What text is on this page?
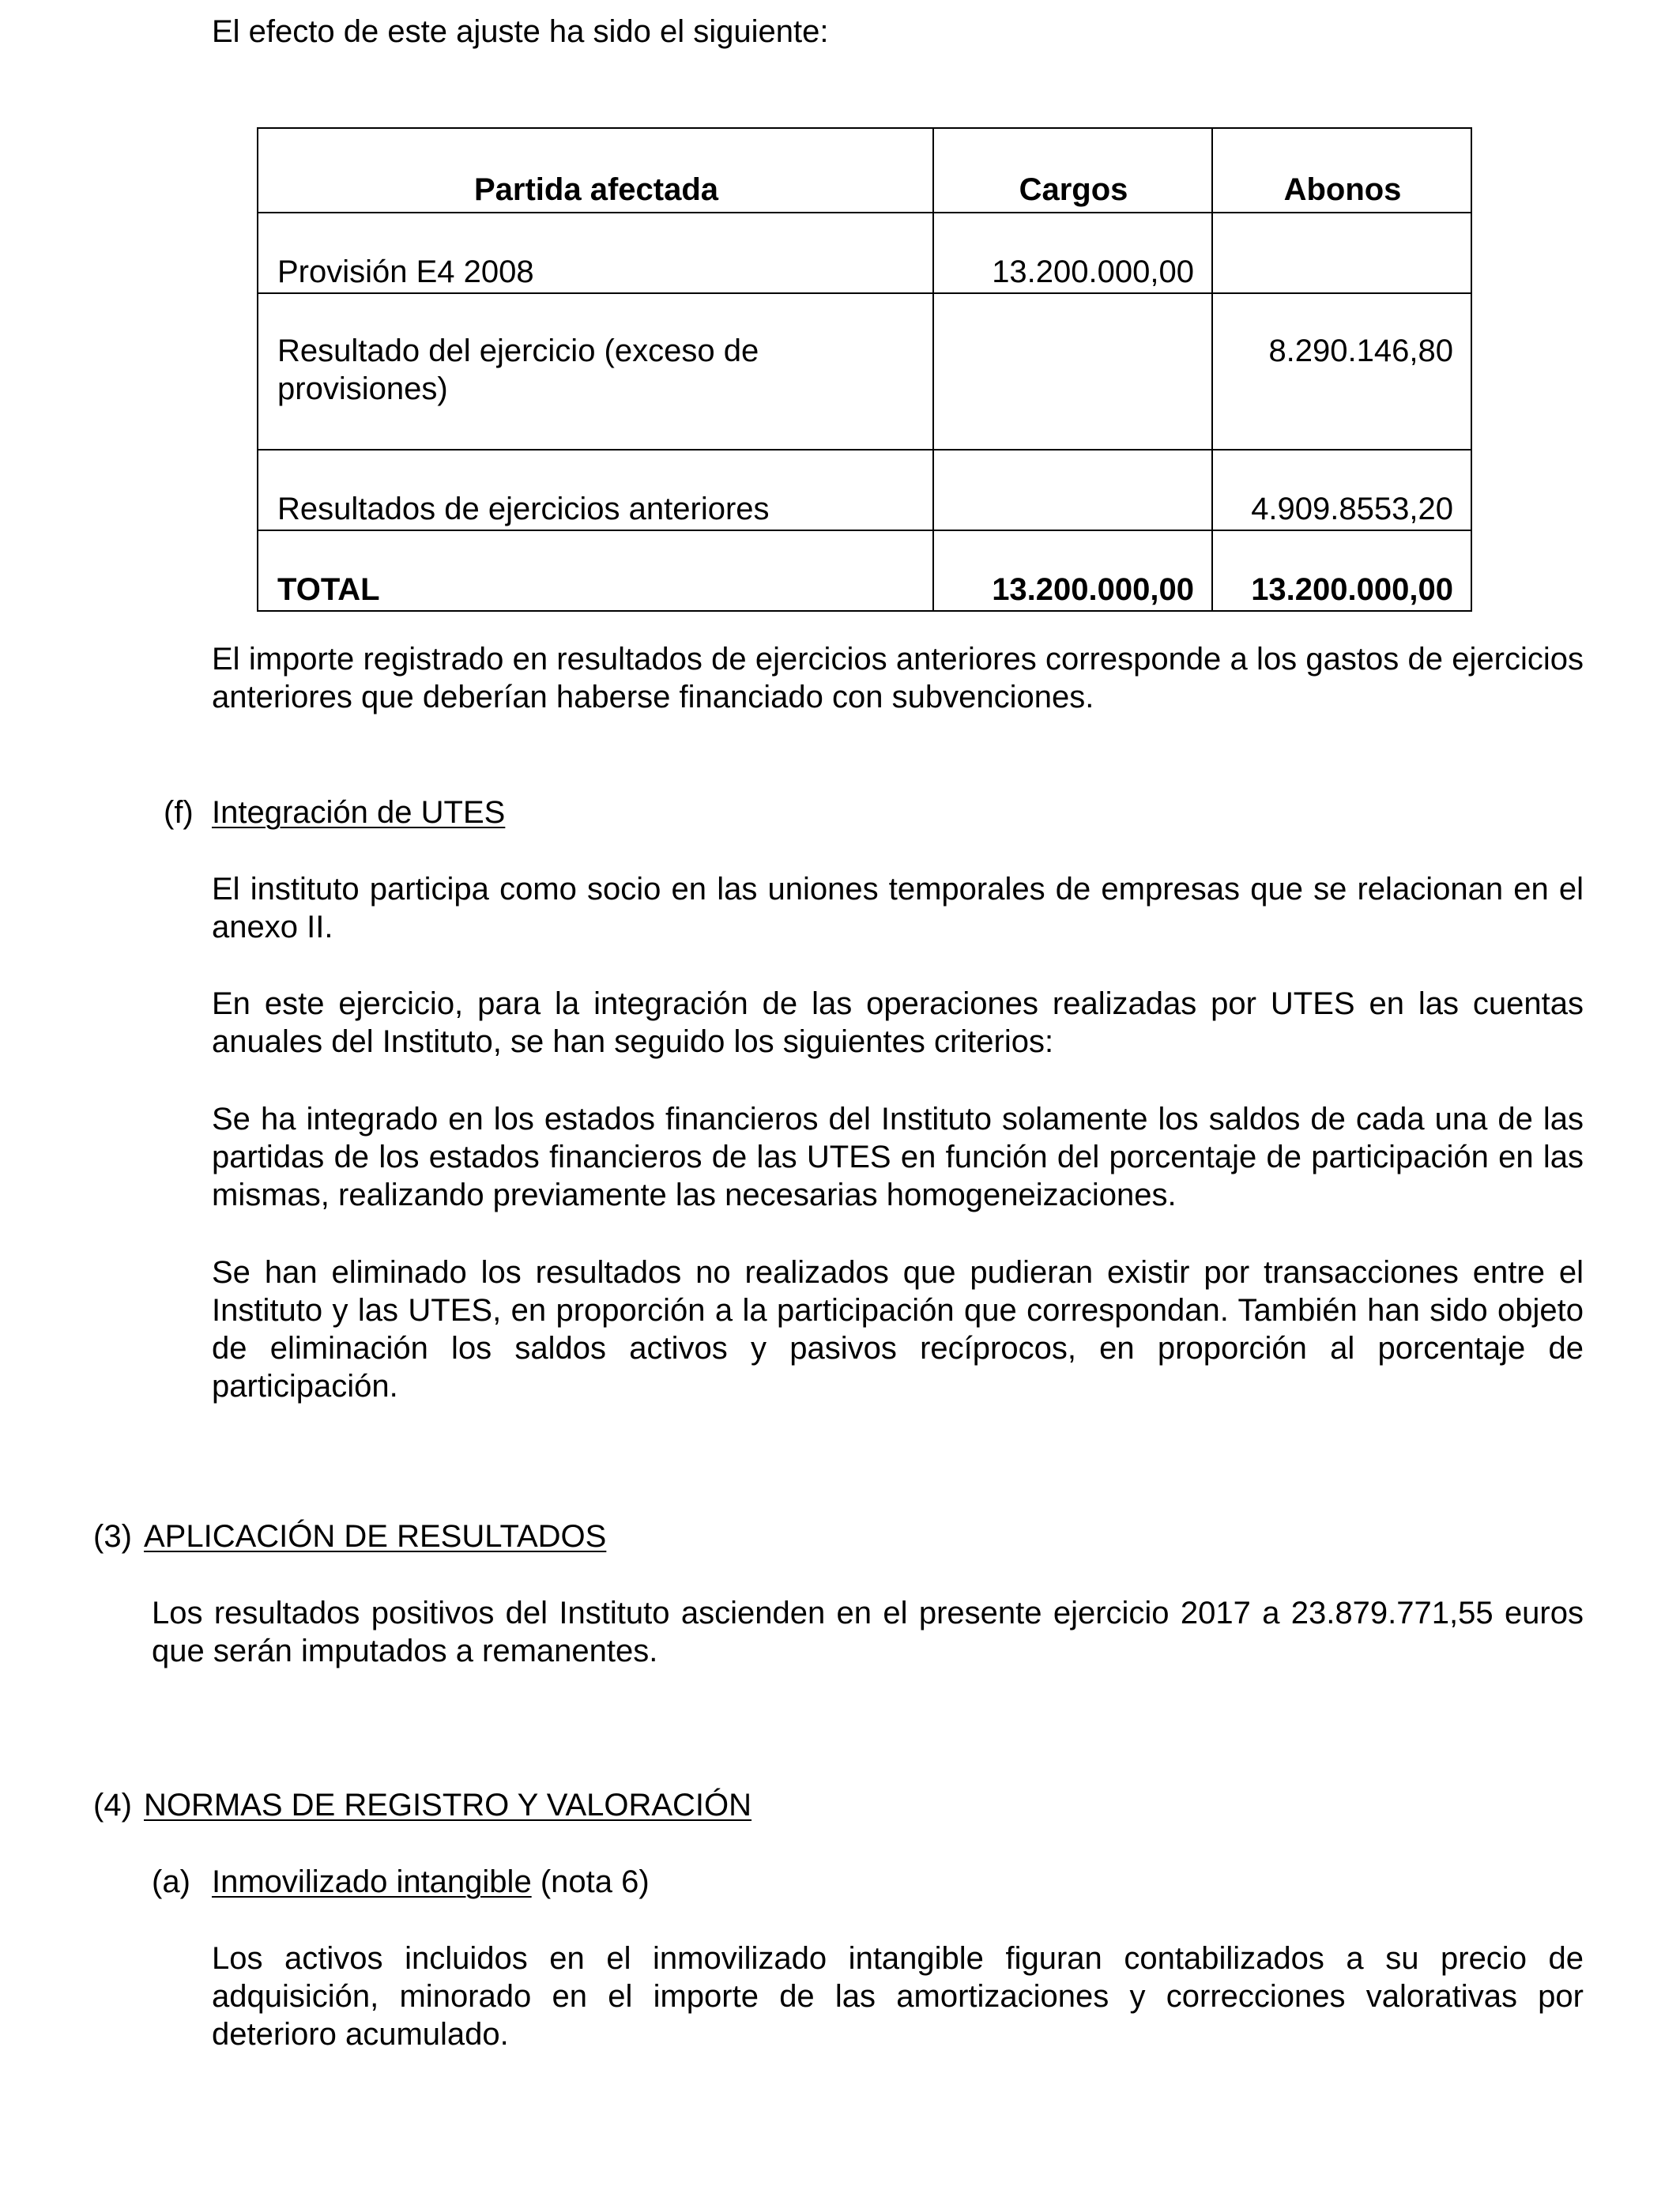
El efecto de este ajuste ha sido el siguiente:
Partida afectada	Cargos	Abonos
Provisión E4 2008	13.200.000,00	
Resultado del ejercicio (exceso de provisiones)		8.290.146,80
Resultados de ejercicios anteriores		4.909.8553,20
TOTAL	13.200.000,00	13.200.000,00

El importe registrado en resultados de ejercicios anteriores corresponde a los gastos de ejercicios anteriores que deberían haberse financiado con subvenciones.

(f) Integración de UTES

El instituto participa como socio en las uniones temporales de empresas que se relacionan en el anexo II.

En este ejercicio, para la integración de las operaciones realizadas por UTES en las cuentas anuales del Instituto, se han seguido los siguientes criterios:

Se ha integrado en los estados financieros del Instituto solamente los saldos de cada una de las partidas de los estados financieros de las UTES en función del porcentaje de participación en las mismas, realizando previamente las necesarias homogeneizaciones.

Se han eliminado los resultados no realizados que pudieran existir por transacciones entre el Instituto y las UTES, en proporción a la participación que correspondan. También han sido objeto de eliminación los saldos activos y pasivos recíprocos, en proporción al porcentaje de participación.

(3) APLICACIÓN DE RESULTADOS

Los resultados positivos del Instituto ascienden en el presente ejercicio 2017 a 23.879.771,55 euros que serán imputados a remanentes.

(4) NORMAS DE REGISTRO Y VALORACIÓN
(a) Inmovilizado intangible (nota 6)

Los activos incluidos en el inmovilizado intangible figuran contabilizados a su precio de adquisición, minorado en el importe de las amortizaciones y correcciones valorativas por deterioro acumulado.
